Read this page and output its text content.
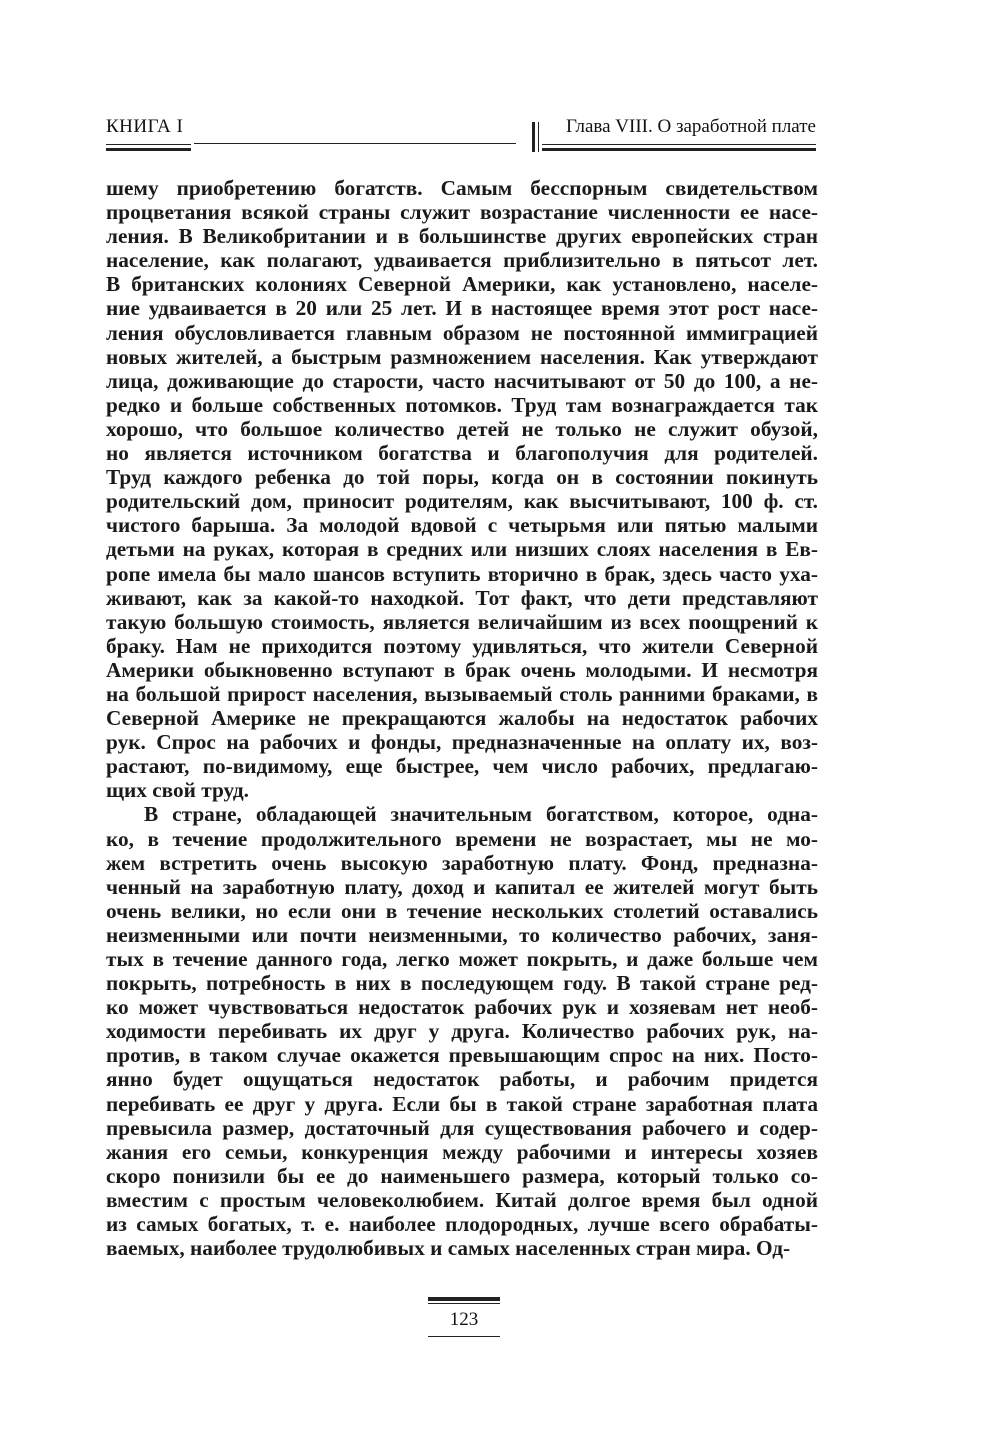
КНИГА I	Глава VIII. О заработной плате

шему приобретению богатств. Самым бесспорным свидетельством
процветания всякой страны служит возрастание численности ее насе-
ления. В Великобритании и в большинстве других европейских стран
население, как полагают, удваивается приблизительно в пятьсот лет.
В британских колониях Северной Америки, как установлено, населе-
ние удваивается в 20 или 25 лет. И в настоящее время этот рост насе-
ления обусловливается главным образом не постоянной иммиграцией
новых жителей, а быстрым размножением населения. Как утверждают
лица, доживающие до старости, часто насчитывают от 50 до 100, а не-
редко и больше собственных потомков. Труд там вознаграждается так
хорошо, что большое количество детей не только не служит обузой,
но является источником богатства и благополучия для родителей.
Труд каждого ребенка до той поры, когда он в состоянии покинуть
родительский дом, приносит родителям, как высчитывают, 100 ф. ст.
чистого барыша. За молодой вдовой с четырьмя или пятью малыми
детьми на руках, которая в средних или низших слоях населения в Ев-
ропе имела бы мало шансов вступить вторично в брак, здесь часто уха-
живают, как за какой-то находкой. Тот факт, что дети представляют
такую большую стоимость, является величайшим из всех поощрений к
браку. Нам не приходится поэтому удивляться, что жители Северной
Америки обыкновенно вступают в брак очень молодыми. И несмотря
на большой прирост населения, вызываемый столь ранними браками, в
Северной Америке не прекращаются жалобы на недостаток рабочих
рук. Спрос на рабочих и фонды, предназначенные на оплату их, воз-
растают, по-видимому, еще быстрее, чем число рабочих, предлагаю-
щих свой труд.

В стране, обладающей значительным богатством, которое, одна-
ко, в течение продолжительного времени не возрастает, мы не мо-
жем встретить очень высокую заработную плату. Фонд, предназна-
ченный на заработную плату, доход и капитал ее жителей могут быть
очень велики, но если они в течение нескольких столетий оставались
неизменными или почти неизменными, то количество рабочих, заня-
тых в течение данного года, легко может покрыть, и даже больше чем
покрыть, потребность в них в последующем году. В такой стране ред-
ко может чувствоваться недостаток рабочих рук и хозяевам нет необ-
ходимости перебивать их друг у друга. Количество рабочих рук, на-
против, в таком случае окажется превышающим спрос на них. Посто-
янно будет ощущаться недостаток работы, и рабочим придется
перебивать ее друг у друга. Если бы в такой стране заработная плата
превысила размер, достаточный для существования рабочего и содер-
жания его семьи, конкуренция между рабочими и интересы хозяев
скоро понизили бы ее до наименьшего размера, который только со-
вместим с простым человеколюбием. Китай долгое время был одной
из самых богатых, т. е. наиболее плодородных, лучше всего обрабаты-
ваемых, наиболее трудолюбивых и самых населенных стран мира. Од-

123
